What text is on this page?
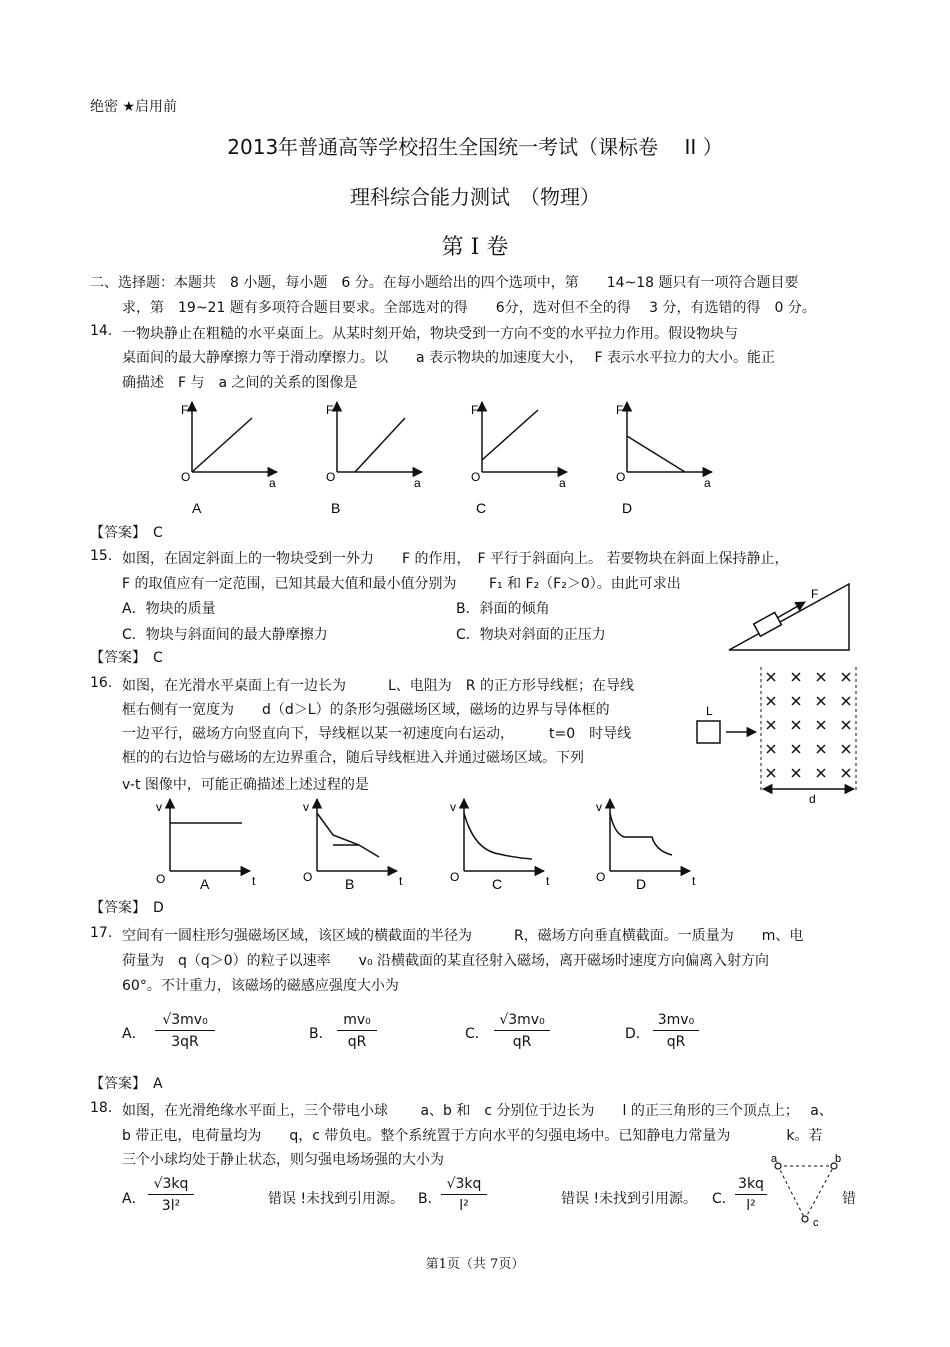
绝密 ★启用前
2013年普通高等学校招生全国统一考试（课标卷　 II ）
理科综合能力测试　（物理）
第 I 卷
二、选择题：本题共　8 小题，每小题　6 分。在每小题给出的四个选项中，第　　14~18 题只有一项符合题目要
求，第　19~21 题有多项符合题目要求。全部选对的得　　6分，选对但不全的得　 3 分，有选错的得　0 分。
14. 一物块静止在粗糙的水平桌面上。从某时刻开始，物块受到一方向不变的水平拉力作用。假设物块与
桌面间的最大静摩擦力等于滑动摩擦力。以　　a 表示物块的加速度大小，　 F 表示水平拉力的大小。能正
确描述　F 与　a 之间的关系的图像是
F
O	a
A
F
O	a
B
F
O	a
C
F
O	a
D
【答案】　C
15. 如图，在固定斜面上的一物块受到一外力　　F 的作用，　F 平行于斜面向上。 若要物块在斜面上保持静止，
F 的取值应有一定范围，已知其最大值和最小值分别为　　 F₁ 和 F₂（F₂＞0）。由此可求出
A．物块的质量	B．斜面的倾角
C．物块与斜面间的最大静摩擦力	C．物块对斜面的正压力
【答案】　C
F
16. 如图，在光滑水平桌面上有一边长为　　　L、电阻为　R 的正方形导线框；在导线
框右侧有一宽度为　　d（d＞L）的条形匀强磁场区域，磁场的边界与导体框的
一边平行，磁场方向竖直向下，导线框以某一初速度向右运动，　　　t=0　时导线
框的的右边恰与磁场的左边界重合，随后导线框进入并通过磁场区域。下列
v-t 图像中，可能正确描述上述过程的是
L
d
v
O	t
A
v
O	t
B
v
O	t
C
v
O	t
D
【答案】　D
17. 空间有一圆柱形匀强磁场区域，该区域的横截面的半径为　　　R，磁场方向垂直横截面。一质量为　　m、电
荷量为　q（q＞0）的粒子以速率　　v₀ 沿横截面的某直径射入磁场，离开磁场时速度方向偏离入射方向
60°。不计重力，该磁场的磁感应强度大小为
A． $\frac{\text{√3mv₀}}{3qR}$	B． $\frac{\text{mv₀}}{qR}$	C． $\frac{\text{√3mv₀}}{qR}$	D． $\frac{\text{3mv₀}}{qR}$
【答案】　A
18. 如图，在光滑绝缘水平面上，三个带电小球　　 a、b 和　c 分别位于边长为　　l 的正三角形的三个顶点上；　 a、
b 带正电，电荷量均为　　q，c 带负电。整个系统置于方向水平的匀强电场中。已知静电力常量为　　　　k。若
三个小球均处于静止状态，则匀强电场场强的大小为
A． $\frac{√3kq}{\text{3l²}}$	错误 !未找到引用源。 B． $\frac{√3kq}{\text{l²}}$	错误 !未找到引用源。 C． $\frac{3kq}{\text{l²}}$	错
a	b
c
第1页（共 7页）
